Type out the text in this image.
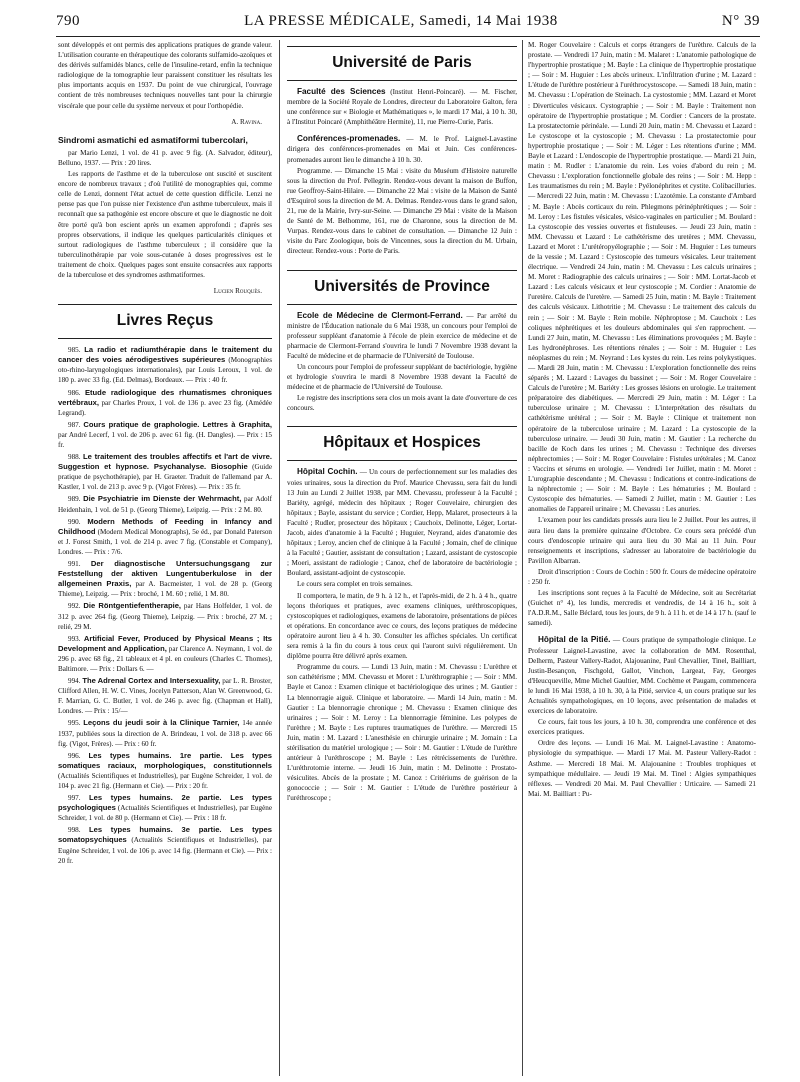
790	LA PRESSE MÉDICALE, Samedi, 14 Mai 1938	N° 39

sont développés et ont permis des applications pratiques de grande valeur. L'utilisation courante en thérapeutique des colorants sulfamido-azoïques et des dérivés sulfamidés blancs, celle de l'insuline-retard, enfin la technique radiologique de la tomographie leur paraissent constituer les résultats les plus importants acquis en 1937. Du point de vue chirurgical, l'ouvrage contient de très nombreuses techniques nouvelles tant pour la chirurgie viscérale que pour celle du système nerveux et pour l'orthopédie.

A. Ravina.

Sindromi asmatichi ed asmatiformi tubercolari,

par Mario Lenzi, 1 vol. de 41 p. avec 9 fig. (A. Salvador, éditeur), Belluno, 1937. — Prix : 20 lires.

Les rapports de l'asthme et de la tuberculose ont suscité et suscitent encore de nombreux travaux ; d'où l'utilité de monographies qui, comme celle de Lenzi, donnent l'état actuel de cette question difficile. Lenzi ne pense pas que l'on puisse nier l'existence d'un asthme tuberculeux, mais il reconnaît que sa pathogénie est encore obscure et que le diagnostic ne doit être porté qu'à bon escient après un examen approfondi ; d'après ses propres observations, il indique les quelques particularités cliniques et surtout radiologiques de l'asthme tuberculeux ; il considère que la tuberculinothérapie par voie sous-cutanée à doses progressives est le traitement de choix. Quelques pages sont ensuite consacrées aux rapports de la tuberculose et des syndromes asthmatiformes.

Lucien Rouquès.

Livres Reçus

985. La radio et radiumthérapie dans le traitement du cancer des voies aérodigestives supérieures (Monographies oto-rhino-laryngologiques internationales), par Louis Leroux, 1 vol. de 180 p. avec 33 fig. (Ed. Delmas), Bordeaux. — Prix : 40 fr.

986. Etude radiologique des rhumatismes chroniques vertébraux, par Charles Proux, 1 vol. de 136 p. avec 23 fig. (Amédée Legrand).

987. Cours pratique de graphologie. Lettres à Graphita, par André Lecerf, 1 vol. de 206 p. avec 61 fig. (H. Dangles). — Prix : 15 fr.

988. Le traitement des troubles affectifs et l'art de vivre. Suggestion et hypnose. Psychanalyse. Biosophie (Guide pratique de psychothérapie), par H. Graeter. Traduit de l'allemand par A. Kastler, 1 vol. de 213 p. avec 9 p. (Vigot Frères). — Prix : 35 fr.

989. Die Psychiatrie im Dienste der Wehrmacht, par Adolf Heidenhain, 1 vol. de 51 p. (Georg Thieme), Leipzig. — Prix : 2 M. 80.

990. Modern Methods of Feeding in Infancy and Childhood (Modern Medical Monographs), 5e éd., par Donald Paterson et J. Forest Smith, 1 vol. de 214 p. avec 7 fig. (Constable et Company), Londres. — Prix : 7/6.

991. Der diagnostische Untersuchungsgang zur Feststellung der aktiven Lungentuberkulose in der allgemeinen Praxis, par A. Bacmeister, 1 vol. de 28 p. (Georg Thieme), Leipzig. — Prix : broché, 1 M. 60 ; relié, 1 M. 80.

992. Die Röntgentiefentherapie, par Hans Holfelder, 1 vol. de 312 p. avec 264 fig. (Georg Thieme), Leipzig. — Prix : broché, 27 M. ; relié, 29 M.

993. Artificial Fever, Produced by Physical Means ; Its Development and Application, par Clarence A. Neymann, 1 vol. de 296 p. avec 68 fig., 21 tableaux et 4 pl. en couleurs (Charles C. Thomes), Baltimore. — Prix : Dollars 6. —

994. The Adrenal Cortex and Intersexuality, par L. R. Broster, Clifford Allen, H. W. C. Vines, Jocelyn Patterson, Alan W. Greenwood, G. F. Marrian, G. C. Butler, 1 vol. de 246 p. avec fig. (Chapman et Hall), Londres. — Prix : 15/—

995. Leçons du jeudi soir à la Clinique Tarnier, 14e année 1937, publiées sous la direction de A. Brindeau, 1 vol. de 318 p. avec 66 fig. (Vigot, Frères). — Prix : 60 fr.

996. Les types humains. 1re partie. Les types somatiques raciaux, morphologiques, constitutionnels (Actualités Scientifiques et Industrielles), par Eugène Schreider, 1 vol. de 104 p. avec 21 fig. (Hermann et Cie). — Prix : 20 fr.

997. Les types humains. 2e partie. Les types psychologiques (Actualités Scientifiques et Industrielles), par Eugène Schreider, 1 vol. de 80 p. (Hermann et Cie). — Prix : 18 fr.

998. Les types humains. 3e partie. Les types somatopsychiques (Actualités Scientifiques et Industrielles), par Eugène Schreider, 1 vol. de 106 p. avec 14 fig. (Hermann et Cie). — Prix : 20 fr.

Université de Paris

Faculté des Sciences (Institut Henri-Poincaré). — M. Fischer, membre de la Société Royale de Londres, directeur du Laboratoire Galton, fera une conférence sur « Biologie et Mathématiques », le mardi 17 Mai, à 10 h. 30, à l'Institut Poincaré (Amphithéâtre Hermite), 11, rue Pierre-Curie, Paris.

Conférences-promenades. — M. le Prof. Laignel-Lavastine dirigera des conférences-promenades en Mai et Juin. Ces conférences-promenades auront lieu le dimanche à 10 h. 30.

Programme. — Dimanche 15 Mai : visite du Muséum d'Histoire naturelle sous la direction du Prof. Pellegrin. Rendez-vous devant la maison de Buffon, rue Geoffroy-Saint-Hilaire. — Dimanche 22 Mai : visite de la Maison de Santé d'Esquirol sous la direction de M. A. Delmas. Rendez-vous dans le grand salon, 21, rue de la Mairie, Ivry-sur-Seine. — Dimanche 29 Mai : visite de la Maison de Santé de M. Belhomme, 161, rue de Charonne, sous la direction de M. Vurpas. Rendez-vous dans le cabinet de consultation. — Dimanche 12 Juin : visite du Parc Zoologique, bois de Vincennes, sous la direction du M. Urbain, directeur. Rendez-vous : Porte de Paris.

Universités de Province

Ecole de Médecine de Clermont-Ferrand. — Par arrêté du ministre de l'Éducation nationale du 6 Mai 1938, un concours pour l'emploi de professeur suppléant d'anatomie à l'école de plein exercice de médecine et de pharmacie de Clermont-Ferrand s'ouvrira le lundi 7 Novembre 1938 devant la Faculté de médecine et de pharmacie de l'Université de Toulouse.

Un concours pour l'emploi de professeur suppléant de bactériologie, hygiène et hydrologie s'ouvrira le mardi 8 Novembre 1938 devant la Faculté de médecine et de pharmacie de l'Université de Toulouse.

Le registre des inscriptions sera clos un mois avant la date d'ouverture de ces concours.

Hôpitaux et Hospices

Hôpital Cochin. — Un cours de perfectionnement sur les maladies des voies urinaires, sous la direction du Prof. Maurice Chevassu, sera fait du lundi 13 Juin au Lundi 2 Juillet 1938, par MM. Chevassu, professeur à la Faculté ; Bariéty, agrégé, médecin des hôpitaux ; Roger Couvelaire, chirurgien des hôpitaux ; Bayle, assistant du service ; Cordier, Hepp, Malaret, prosecteurs à la Faculté ; Rudler, prosecteur des hôpitaux ; Cauchoix, Delinotte, Léger, Lortat-Jacob, aides d'anatomie à la Faculté ; Huguier, Neyrand, aides d'anatomie des hôpitaux ; Leroy, ancien chef de clinique à la Faculté ; Jomain, chef de clinique à la Faculté ; Gautier, assistant de consultation ; Lazard, assistant de cystoscopie ; Moeri, assistant de radiologie ; Canoz, chef de laboratoire de bactériologie ; Boulard, assistant-adjoint de cystoscopie.

Le cours sera complet en trois semaines.

Il comportera, le matin, de 9 h. à 12 h., et l'après-midi, de 2 h. à 4 h., quatre leçons théoriques et pratiques, avec examens cliniques, uréthroscopiques, cystoscopiques et radiologiques, examens de laboratoire, présentations de pièces et opérations. En concordance avec ce cours, des leçons pratiques de médecine opératoire auront lieu à 4 h. 30. Consulter les affiches spéciales. Un certificat sera remis à la fin du cours à tous ceux qui l'auront suivi régulièrement. Un diplôme pourra être délivré après examen.

Programme du cours. — Lundi 13 Juin, matin : M. Chevassu : L'urèthre et son cathétérisme ; MM. Chevassu et Moret : L'uréthrographie ; — Soir : MM. Bayle et Canoz : Examen clinique et bactériologique des urines ; M. Gautier : La blennorragie aiguë. Clinique et laboratoire. — Mardi 14 Juin, matin : M. Gautier : La blennorragie chronique ; M. Chevassu : Examen clinique des urinaires ; — Soir : M. Leroy : La blennorragie féminine. Les polypes de l'urèthre ; M. Bayle : Les ruptures traumatiques de l'urèthre. — Mercredi 15 Juin, matin : M. Lazard : L'anesthésie en chirurgie urinaire ; M. Jomain : La stérilisation du matériel urologique ; — Soir : M. Gautier : L'étude de l'urèthre antérieur à l'uréthroscope ; M. Bayle : Les rétrécissements de l'urèthre. L'uréthrotomie interne. — Jeudi 16 Juin, matin : M. Delinotte : Prostato-vésiculites. Abcès de la prostate ; M. Canoz : Critériums de guérison de la gonococcie ; — Soir : M. Gautier : L'étude de l'urèthre postérieur à l'uréthroscope ;

M. Roger Couvelaire : Calculs et corps étrangers de l'urèthre. Calculs de la prostate. — Vendredi 17 Juin, matin : M. Malaret : L'anatomie pathologique de l'hypertrophie prostatique ; M. Bayle : La clinique de l'hypertrophie prostatique ; — Soir : M. Huguier : Les abcès urineux. L'infiltration d'urine ; M. Lazard : L'étude de l'urèthre postérieur à l'uréthrocystoscope. — Samedi 18 Juin, matin : M. Chevassu : L'opération de Steinach. La cystostomie ; MM. Lazard et Moret : Diverticules vésicaux. Cystographie ; — Soir : M. Bayle : Traitement non opératoire de l'hypertrophie prostatique ; M. Cordier : Cancers de la prostate. La prostatectomie périnéale. — Lundi 20 Juin, matin : M. Chevassu et Lazard : Le cystoscope et la cystoscopie ; M. Chevassu : La prostatectomie pour hypertrophie prostatique ; — Soir : M. Léger : Les rétentions d'urine ; MM. Bayle et Lazard : L'endoscopie de l'hypertrophie prostatique. — Mardi 21 Juin, matin : M. Rudler : L'anatomie du rein. Les voies d'abord du rein ; M. Chevassu : L'exploration fonctionnelle globale des reins ; — Soir : M. Hepp : Les traumatismes du rein ; M. Bayle : Pyélonéphrites et cystite. Colibacilluries. — Mercredi 22 Juin, matin : M. Chevassu : L'azotémie. La constante d'Ambard ; M. Bayle : Abcès corticaux du rein. Phlegmons périnéphrétiques ; — Soir : M. Leroy : Les fistules vésicales, vésico-vaginales en particulier ; M. Boulard : La cystoscopie des vessies ouvertes et fistuleuses. — Jeudi 23 Juin, matin : MM. Chevassu et Lazard : Le cathétérisme des uretères ; MM. Chevassu, Lazard et Moret : L'urétéropyélographie ; — Soir : M. Huguier : Les tumeurs de la vessie ; M. Lazard : Cystoscopie des tumeurs vésicales. Leur traitement électrique. — Vendredi 24 Juin, matin : M. Chevassu : Les calculs urinaires ; M. Moret : Radiographie des calculs urinaires ; — Soir : MM. Lortat-Jacob et Lazard : Les calculs vésicaux et leur cystoscopie ; M. Cordier : Anatomie de l'uretère. Calculs de l'uretère. — Samedi 25 Juin, matin : M. Bayle : Traitement des calculs vésicaux. Lithotritie ; M. Chevassu : Le traitement des calculs du rein ; — Soir : M. Bayle : Rein mobile. Néphroptose ; M. Cauchoix : Les coliques néphrétiques et les douleurs abdominales qui s'en rapprochent. — Lundi 27 Juin, matin, M. Chevassu : Les éliminations provoquées ; M. Bayle : Les hydronéphroses. Les rétentions rénales ; — Soir : M. Huguier : Les néoplasmes du rein ; M. Neyrand : Les kystes du rein. Les reins polykystiques. — Mardi 28 Juin, matin : M. Chevassu : L'exploration fonctionnelle des reins séparés ; M. Lazard : Lavages du bassinet ; — Soir : M. Roger Couvelaire : Calculs de l'uretère ; M. Bariéty : Les grosses lésions en urologie. Le traitement préparatoire des diabétiques. — Mercredi 29 Juin, matin : M. Léger : La tuberculose urinaire ; M. Chevassu : L'interprétation des résultats du cathétérisme urétéral ; — Soir : M. Bayle : Clinique et traitement non opératoire de la tuberculose urinaire ; M. Lazard : La cystoscopie de la tuberculose urinaire. — Jeudi 30 Juin, matin : M. Gautier : La recherche du bacille de Koch dans les urines ; M. Chevassu : Technique des diverses néphrectomies ; — Soir : M. Roger Couvelaire : Fistules urétérales ; M. Canoz : Vaccins et sérums en urologie. — Vendredi 1er Juillet, matin : M. Moret : L'urographie descendante ; M. Chevassu : Indications et contre-indications de la néphrectomie ; — Soir : M. Bayle : Les hématuries ; M. Boulard : Cystoscopie des hématuries. — Samedi 2 Juillet, matin : M. Gautier : Les anomalies de l'appareil urinaire ; M. Chevassu : Les anuries.

L'examen pour les candidats pressés aura lieu le 2 Juillet. Pour les autres, il aura lieu dans la première quinzaine d'Octobre. Ce cours sera précédé d'un cours d'endoscopie urinaire qui aura lieu du 30 Mai au 11 Juin. Pour renseignements et inscriptions, s'adresser au laboratoire de bactériologie du Pavillon Albarran.

Droit d'inscription : Cours de Cochin : 500 fr. Cours de médecine opératoire : 250 fr.

Les inscriptions sont reçues à la Faculté de Médecine, soit au Secrétariat (Guichet n° 4), les lundis, mercredis et vendredis, de 14 à 16 h., soit à l'A.D.R.M., Salle Béclard, tous les jours, de 9 h. à 11 h. et de 14 à 17 h. (sauf le samedi).

Hôpital de la Pitié. — Cours pratique de sympathologie clinique. Le Professeur Laignel-Lavastine, avec la collaboration de MM. Rosenthal, Delherm, Pasteur Vallery-Radot, Alajouanine, Paul Chevallier, Tinel, Bailliart, Justin-Besançon, Fischgold, Gallot, Vinchon, Largeat, Fay, Georges d'Heucqueville, Mme Michel Gaultier, MM. Cochème et Paugam, commencera le lundi 16 Mai 1938, à 10 h. 30, à la Pitié, service 4, un cours pratique sur les Actualités sympathologiques, en 10 leçons, avec présentation de malades et exercices de laboratoire.

Ce cours, fait tous les jours, à 10 h. 30, comprendra une conférence et des exercices pratiques.

Ordre des leçons. — Lundi 16 Mai. M. Laignel-Lavastine : Anatomo-physiologie du sympathique. — Mardi 17 Mai. M. Pasteur Vallery-Radot : Asthme. — Mercredi 18 Mai. M. Alajouanine : Troubles trophiques et sympathique médullaire. — Jeudi 19 Mai. M. Tinel : Algies sympathiques réflexes. — Vendredi 20 Mai. M. Paul Chevallier : Urticaire. — Samedi 21 Mai. M. Bailliart : Pu-
